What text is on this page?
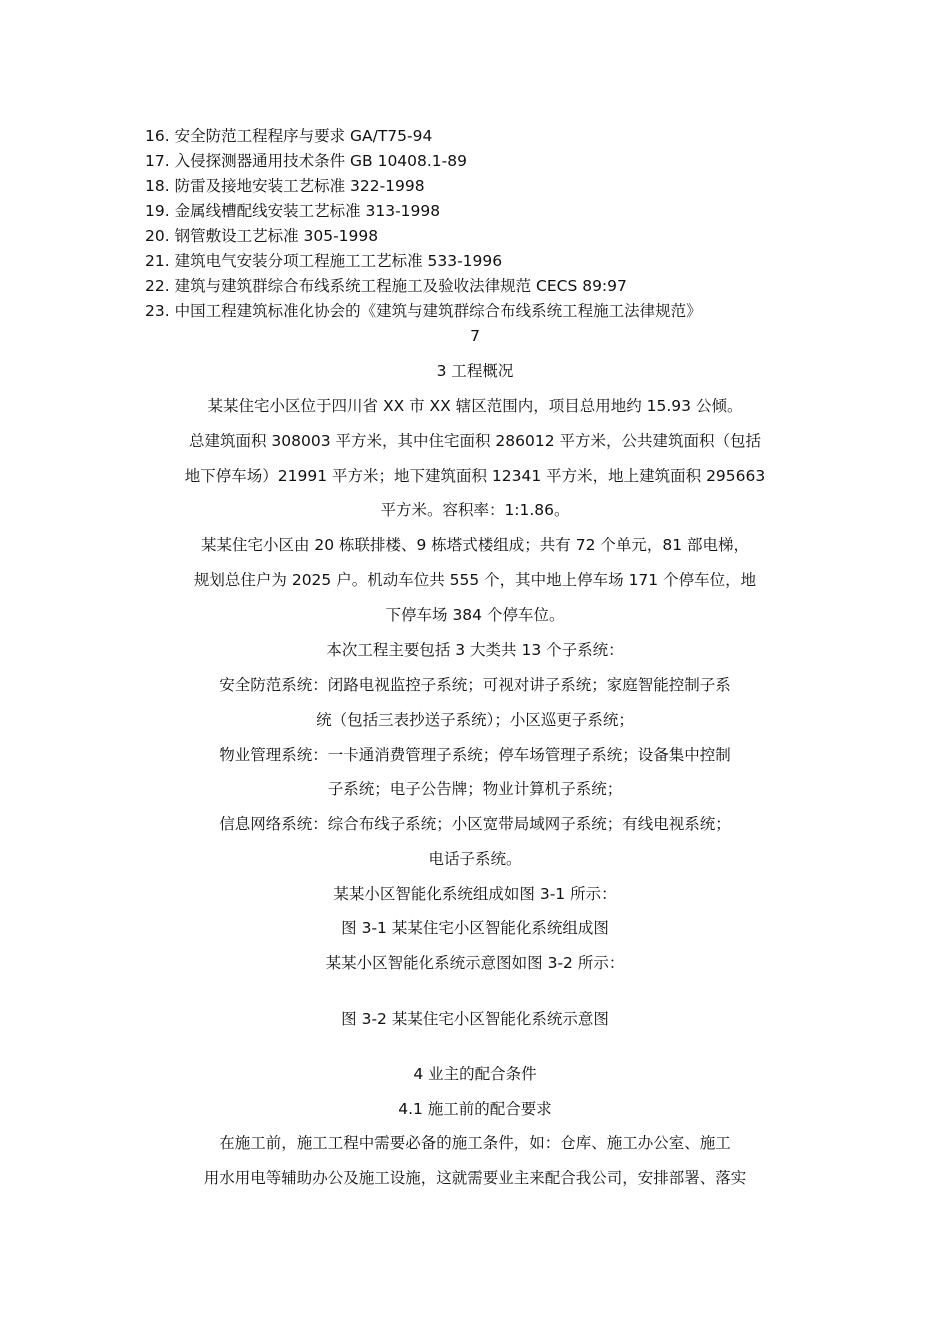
16. 安全防范工程程序与要求 GA/T75-94
17. 入侵探测器通用技术条件 GB 10408.1-89
18. 防雷及接地安装工艺标准 322-1998
19. 金属线槽配线安装工艺标准 313-1998
20. 钢管敷设工艺标准 305-1998
21. 建筑电气安装分项工程施工工艺标准 533-1996
22. 建筑与建筑群综合布线系统工程施工及验收法律规范 CECS 89:97
23. 中国工程建筑标准化协会的《建筑与建筑群综合布线系统工程施工法律规范》
7
3 工程概况
某某住宅小区位于四川省 XX 市 XX 辖区范围内，项目总用地约 15.93 公倾。
总建筑面积 308003 平方米，其中住宅面积 286012 平方米，公共建筑面积（包括
地下停车场）21991 平方米；地下建筑面积 12341 平方米，地上建筑面积 295663
平方米。容积率：1:1.86。
某某住宅小区由 20 栋联排楼、9 栋塔式楼组成；共有 72 个单元，81 部电梯，
规划总住户为 2025 户。机动车位共 555 个，其中地上停车场 171 个停车位，地
下停车场 384 个停车位。
本次工程主要包括 3 大类共 13 个子系统：
安全防范系统：闭路电视监控子系统；可视对讲子系统；家庭智能控制子系
统（包括三表抄送子系统）；小区巡更子系统；
物业管理系统：一卡通消费管理子系统；停车场管理子系统；设备集中控制
子系统；电子公告牌；物业计算机子系统；
信息网络系统：综合布线子系统；小区宽带局域网子系统；有线电视系统；
电话子系统。
某某小区智能化系统组成如图 3-1 所示：
图 3-1 某某住宅小区智能化系统组成图
某某小区智能化系统示意图如图 3-2 所示：
图 3-2 某某住宅小区智能化系统示意图
4 业主的配合条件
4.1 施工前的配合要求
在施工前，施工工程中需要必备的施工条件，如：仓库、施工办公室、施工
用水用电等辅助办公及施工设施，这就需要业主来配合我公司，安排部署、落实
